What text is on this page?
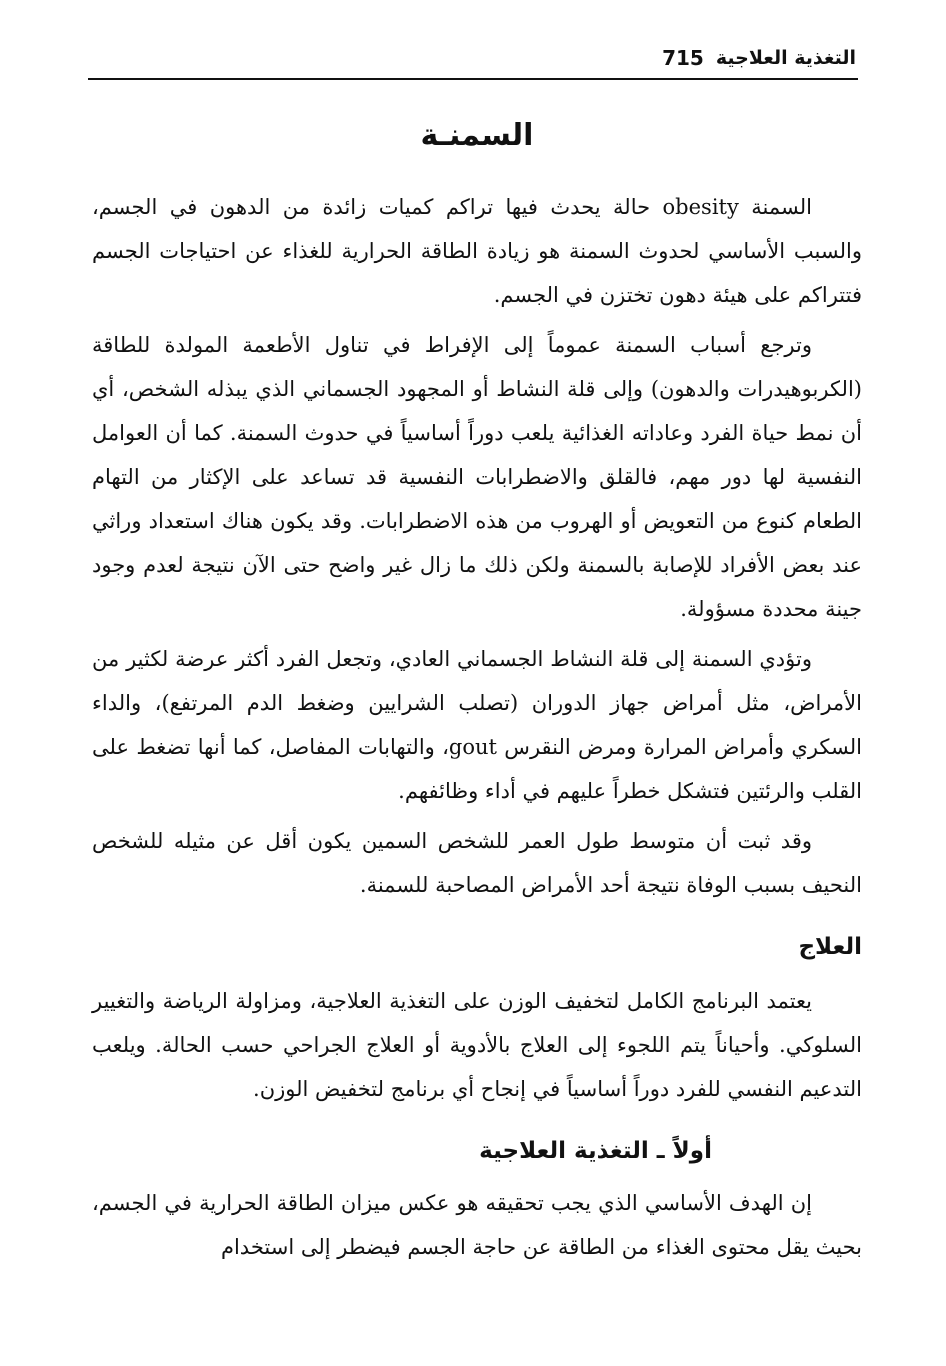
التغذية العلاجية
715
السمنـة

السمنة obesity حالة يحدث فيها تراكم كميات زائدة من الدهون في الجسم، والسبب الأساسي لحدوث السمنة هو زيادة الطاقة الحرارية للغذاء عن احتياجات الجسم فتتراكم على هيئة دهون تختزن في الجسم.

وترجع أسباب السمنة عموماً إلى الإفراط في تناول الأطعمة المولدة للطاقة (الكربوهيدرات والدهون) وإلى قلة النشاط أو المجهود الجسماني الذي يبذله الشخص، أي أن نمط حياة الفرد وعاداته الغذائية يلعب دوراً أساسياً في حدوث السمنة. كما أن العوامل النفسية لها دور مهم، فالقلق والاضطرابات النفسية قد تساعد على الإكثار من التهام الطعام كنوع من التعويض أو الهروب من هذه الاضطرابات. وقد يكون هناك استعداد وراثي عند بعض الأفراد للإصابة بالسمنة ولكن ذلك ما زال غير واضح حتى الآن نتيجة لعدم وجود جينة محددة مسؤولة.

وتؤدي السمنة إلى قلة النشاط الجسماني العادي، وتجعل الفرد أكثر عرضة لكثير من الأمراض، مثل أمراض جهاز الدوران (تصلب الشرايين وضغط الدم المرتفع)، والداء السكري وأمراض المرارة ومرض النقرس gout، والتهابات المفاصل، كما أنها تضغط على القلب والرئتين فتشكل خطراً عليهم في أداء وظائفهم.

وقد ثبت أن متوسط طول العمر للشخص السمين يكون أقل عن مثيله للشخص النحيف بسبب الوفاة نتيجة أحد الأمراض المصاحبة للسمنة.

العلاج

يعتمد البرنامج الكامل لتخفيف الوزن على التغذية العلاجية، ومزاولة الرياضة والتغيير السلوكي. وأحياناً يتم اللجوء إلى العلاج بالأدوية أو العلاج الجراحي حسب الحالة. ويلعب التدعيم النفسي للفرد دوراً أساسياً في إنجاح أي برنامج لتخفيض الوزن.

أولاً ـ التغذية العلاجية

إن الهدف الأساسي الذي يجب تحقيقه هو عكس ميزان الطاقة الحرارية في الجسم، بحيث يقل محتوى الغذاء من الطاقة عن حاجة الجسم فيضطر إلى استخدام
